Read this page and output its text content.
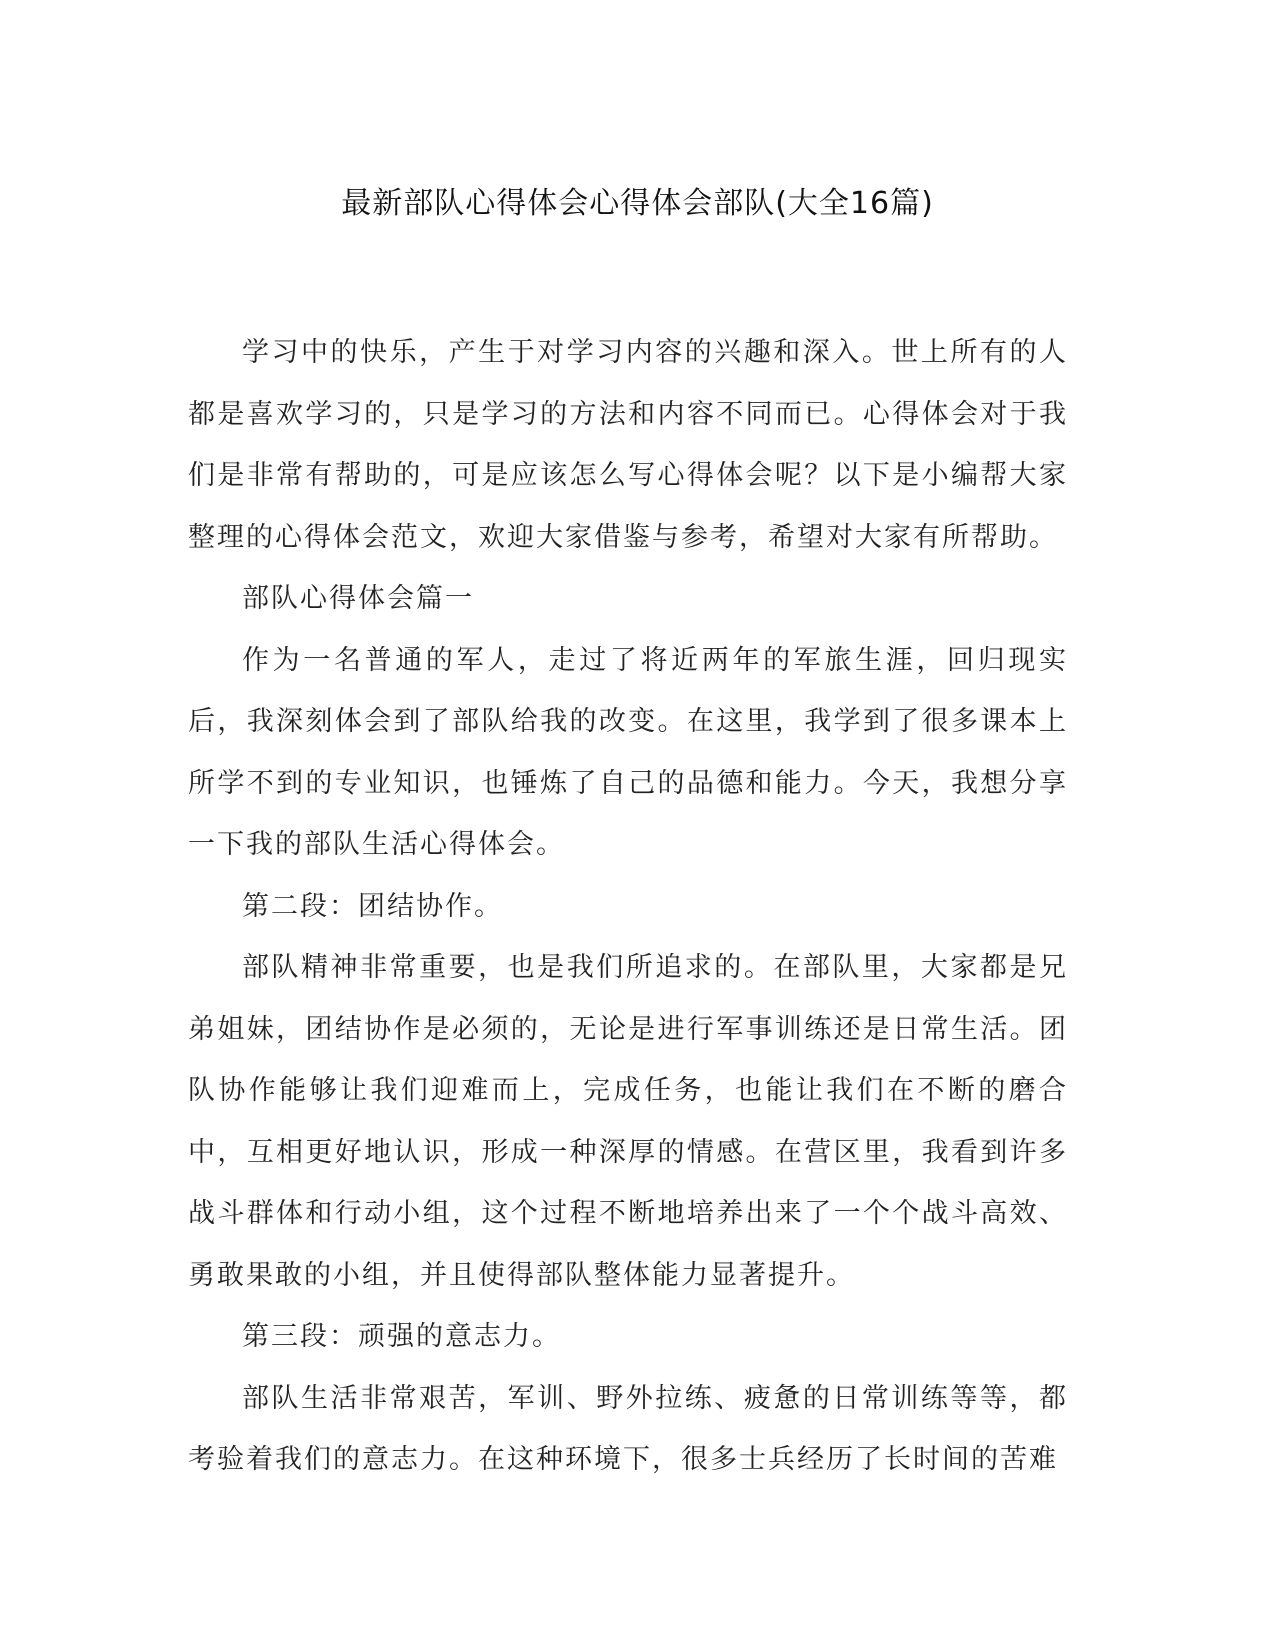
最新部队心得体会心得体会部队(大全16篇)

学习中的快乐，产生于对学习内容的兴趣和深入。世上所有的人都是喜欢学习的，只是学习的方法和内容不同而已。心得体会对于我们是非常有帮助的，可是应该怎么写心得体会呢？以下是小编帮大家整理的心得体会范文，欢迎大家借鉴与参考，希望对大家有所帮助。

部队心得体会篇一

作为一名普通的军人，走过了将近两年的军旅生涯，回归现实后，我深刻体会到了部队给我的改变。在这里，我学到了很多课本上所学不到的专业知识，也锤炼了自己的品德和能力。今天，我想分享一下我的部队生活心得体会。

第二段：团结协作。

部队精神非常重要，也是我们所追求的。在部队里，大家都是兄弟姐妹，团结协作是必须的，无论是进行军事训练还是日常生活。团队协作能够让我们迎难而上，完成任务，也能让我们在不断的磨合中，互相更好地认识，形成一种深厚的情感。在营区里，我看到许多战斗群体和行动小组，这个过程不断地培养出来了一个个战斗高效、勇敢果敢的小组，并且使得部队整体能力显著提升。

第三段：顽强的意志力。

部队生活非常艰苦，军训、野外拉练、疲惫的日常训练等等，都考验着我们的意志力。在这种环境下，很多士兵经历了长时间的苦难
